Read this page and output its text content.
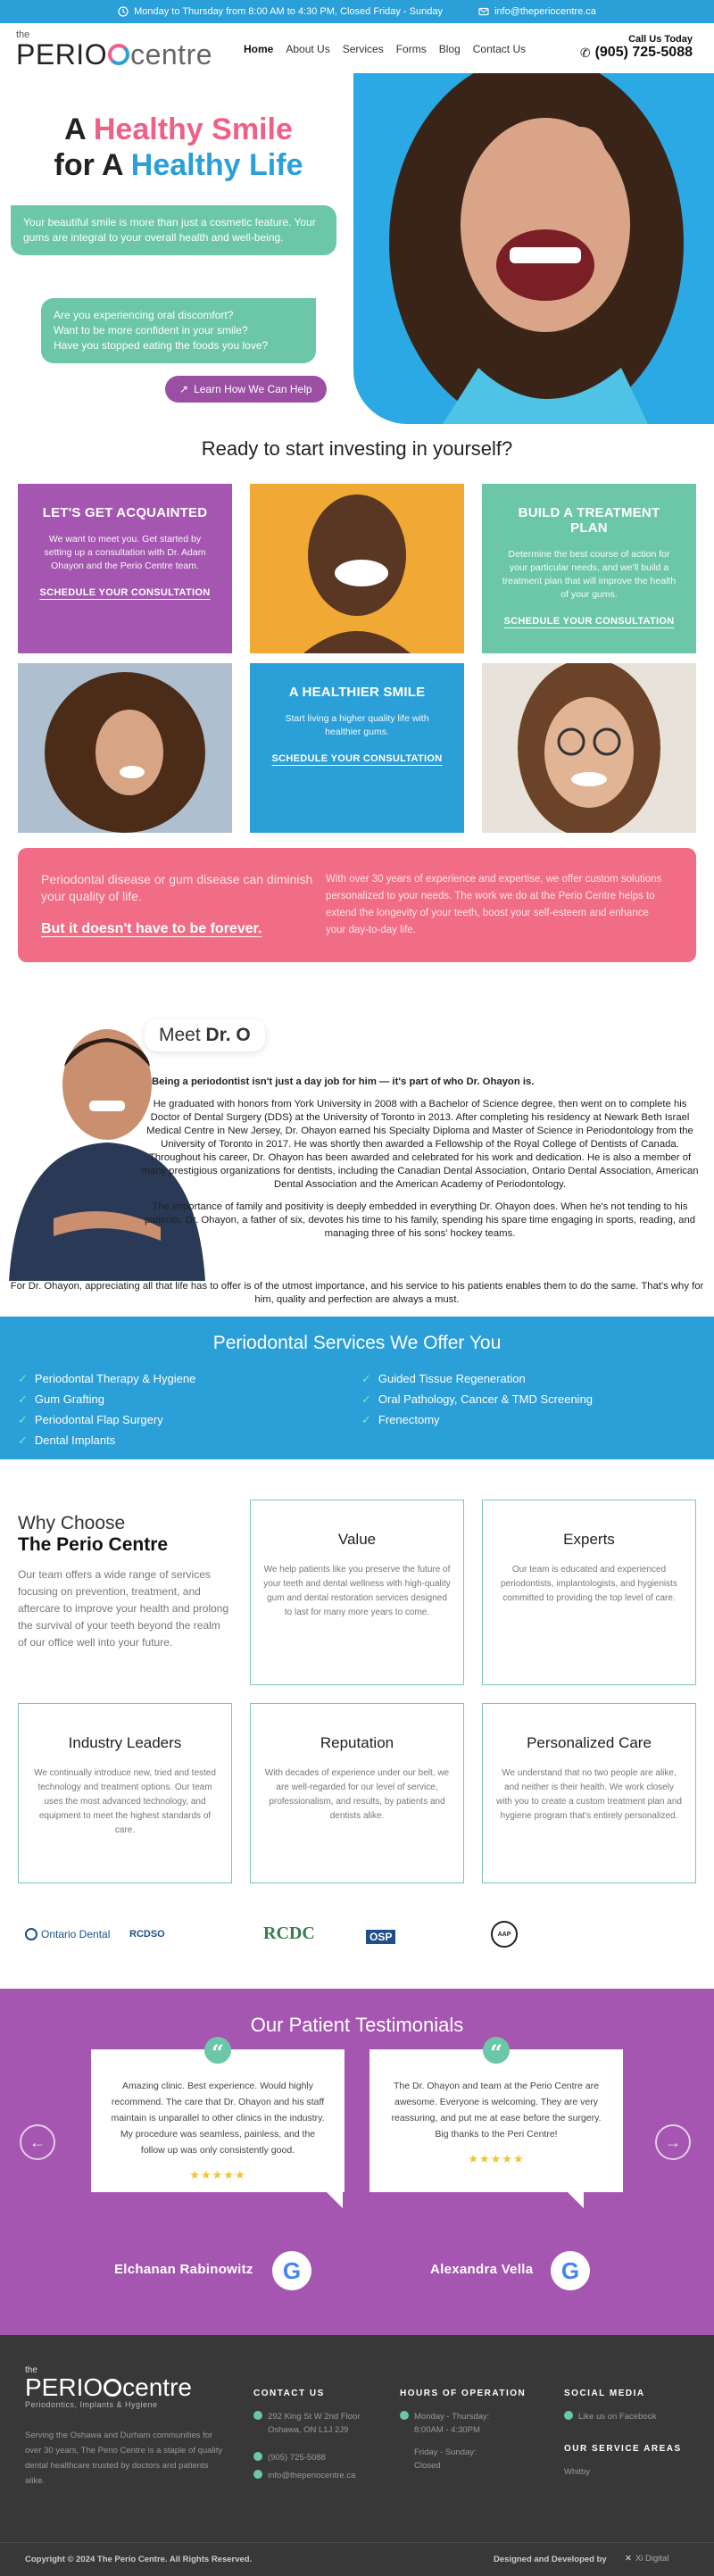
Monday to Thursday from 8:00 AM to 4:30 PM, Closed Friday - Sunday	info@theperiocentre.ca
the
PERIO centre	Home About Us Services Forms Blog Contact Us
Call Us Today
✆ (905) 725-5088
A Healthy Smile
for A Healthy Life
Your beautiful smile is more than just a cosmetic feature. Your gums are integral to your overall health and well-being.
Are you experiencing oral discomfort?
Want to be more confident in your smile?
Have you stopped eating the foods you love?
↗ Learn How We Can Help
Ready to start investing in yourself?
LET'S GET ACQUAINTED
We want to meet you. Get started by setting up a consultation with Dr. Adam Ohayon and the Perio Centre team.
SCHEDULE YOUR CONSULTATION
BUILD A TREATMENT PLAN
Determine the best course of action for your particular needs, and we'll build a treatment plan that will improve the health of your gums.
SCHEDULE YOUR CONSULTATION
A HEALTHIER SMILE
Start living a higher quality life with healthier gums.
SCHEDULE YOUR CONSULTATION
Periodontal disease or gum disease can diminish your quality of life.
But it doesn't have to be forever.
With over 30 years of experience and expertise, we offer custom solutions personalized to your needs. The work we do at the Perio Centre helps to extend the longevity of your teeth, boost your self-esteem and enhance your day-to-day life.
Meet Dr. O

Being a periodontist isn't just a day job for him — it's part of who Dr. Ohayon is.

He graduated with honors from York University in 2008 with a Bachelor of Science degree, then went on to complete his Doctor of Dental Surgery (DDS) at the University of Toronto in 2013. After completing his residency at Newark Beth Israel Medical Centre in New Jersey, Dr. Ohayon earned his Specialty Diploma and Master of Science in Periodontology from the University of Toronto in 2017. He was shortly then awarded a Fellowship of the Royal College of Dentists of Canada. Throughout his career, Dr. Ohayon has been awarded and celebrated for his work and dedication. He is also a member of many prestigious organizations for dentists, including the Canadian Dental Association, Ontario Dental Association, American Dental Association and the American Academy of Periodontology.

The importance of family and positivity is deeply embedded in everything Dr. Ohayon does. When he's not tending to his patients, Dr. Ohayon, a father of six, devotes his time to his family, spending his spare time engaging in sports, reading, and managing three of his sons' hockey teams.

For Dr. Ohayon, appreciating all that life has to offer is of the utmost importance, and his service to his patients enables them to do the same. That's why for him, quality and perfection are always a must.

Periodontal Services We Offer You
✓ Periodontal Therapy & Hygiene
✓ Gum Grafting
✓ Periodontal Flap Surgery
✓ Dental Implants
✓ Guided Tissue Regeneration
✓ Oral Pathology, Cancer & TMD Screening
✓ Frenectomy
Why Choose
The Perio Centre
Our team offers a wide range of services focusing on prevention, treatment, and aftercare to improve your health and prolong the survival of your teeth beyond the realm of our office well into your future.
Value
We help patients like you preserve the future of your teeth and dental wellness with high-quality gum and dental restoration services designed to last for many more years to come.
Experts
Our team is educated and experienced periodontists, implantologists, and hygienists committed to providing the top level of care.
Industry Leaders
We continually introduce new, tried and tested technology and treatment options. Our team uses the most advanced technology, and equipment to meet the highest standards of care.
Reputation
With decades of experience under our belt, we are well-regarded for our level of service, professionalism, and results, by patients and dentists alike.
Personalized Care
We understand that no two people are alike, and neither is their health. We work closely with you to create a custom treatment plan and hygiene program that's entirely personalized.
Ontario Dental RCDSO	RCDC	OSP	AAP
Our Patient Testimonials
←	→
Amazing clinic. Best experience. Would highly recommend. The care that Dr. Ohayon and his staff maintain is unparallel to other clinics in the industry. My procedure was seamless, painless, and the follow up was only consistently good.
★★★★★
“
Elchanan Rabinowitz G
The Dr. Ohayon and team at the Perio Centre are awesome. Everyone is welcoming. They are very reassuring, and put me at ease before the surgery. Big thanks to the Peri Centre!
★★★★★
“
Alexandra Vella G
the
PERIO centre
Periodontics, Implants & Hygiene
Serving the Oshawa and Durham communities for over 30 years, The Perio Centre is a staple of quality dental healthcare trusted by doctors and patients alike.
CONTACT US
292 King St W 2nd Floor
Oshawa, ON L1J 2J9
(905) 725-5088
info@theperiocentre.ca
HOURS OF OPERATION
Monday - Thursday:
8:00AM - 4:30PM
Friday - Sunday:
Closed
SOCIAL MEDIA
Like us on Facebook
OUR SERVICE AREAS
Whitby
Copyright © 2024 The Perio Centre. All Rights Reserved.	Designed and Developed by ✕ Xi Digital
